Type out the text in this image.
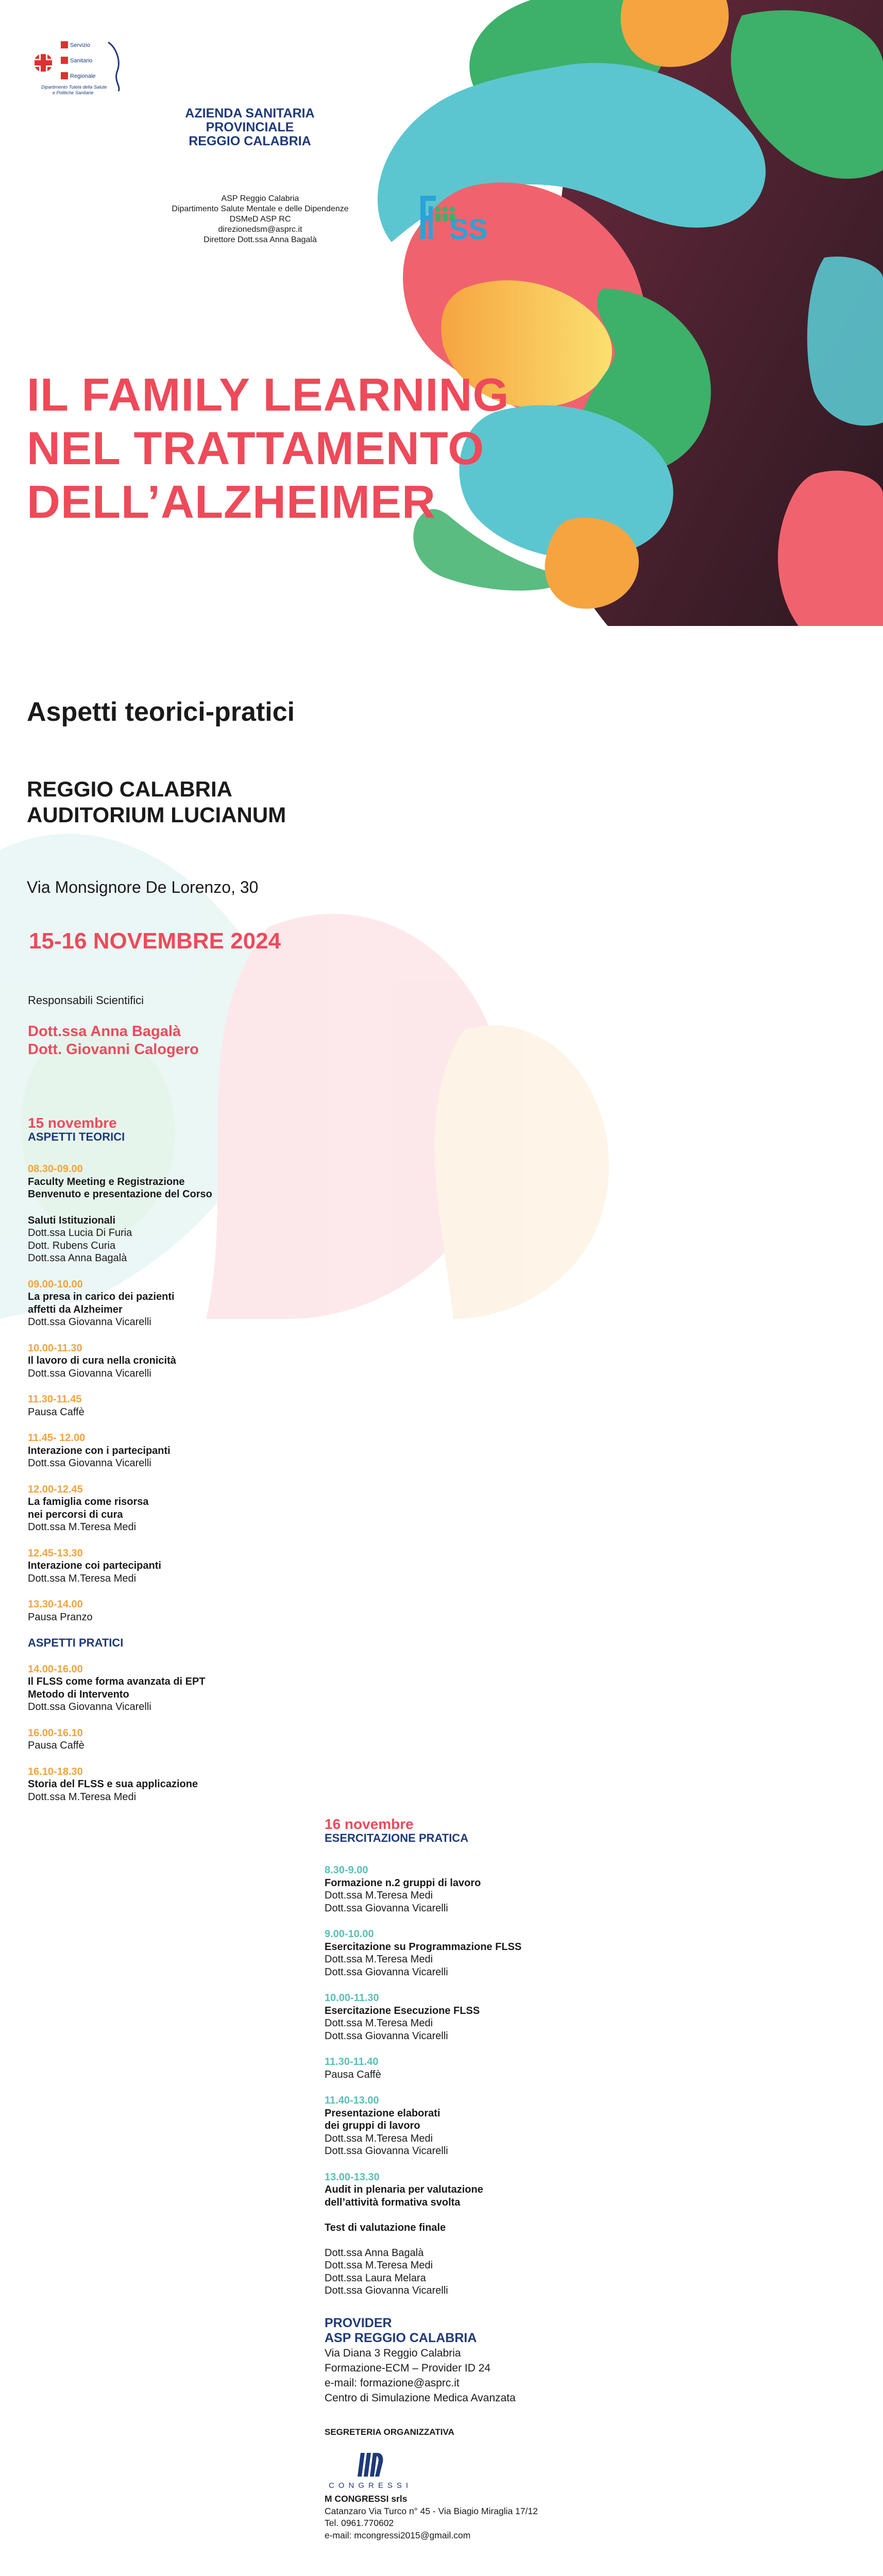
Servizio
Sanitario
Regionale
Dipartimento Tutela della Salute
e Politiche Sanitarie
AZIENDA SANITARIA
PROVINCIALE
REGGIO CALABRIA
ASP Reggio Calabria
Dipartimento Salute Mentale e delle Dipendenze
DSMeD ASP RC
direzionedsm@asprc.it
Direttore Dott.ssa Anna Bagalà	SS
FLSS
IL FAMILY LEARNING
NEL TRATTAMENTO
DELL’ALZHEIMER
Aspetti teorici-pratici
REGGIO CALABRIA
AUDITORIUM LUCIANUM
Via Monsignore De Lorenzo, 30
15-16 NOVEMBRE 2024
Responsabili Scientifici
Dott.ssa Anna Bagalà
Dott. Giovanni Calogero
15 novembre
ASPETTI TEORICI
08.30-09.00
Faculty Meeting e Registrazione
Benvenuto e presentazione del Corso
Saluti Istituzionali
Dott.ssa Lucia Di Furia
Dott. Rubens Curia
Dott.ssa Anna Bagalà
09.00-10.00
La presa in carico dei pazienti
affetti da Alzheimer
Dott.ssa Giovanna Vicarelli
10.00-11.30
Il lavoro di cura nella cronicità
Dott.ssa Giovanna Vicarelli
11.30-11.45
Pausa Caffè
11.45- 12.00
Interazione con i partecipanti
Dott.ssa Giovanna Vicarelli
12.00-12.45
La famiglia come risorsa
nei percorsi di cura
Dott.ssa M.Teresa Medi
12.45-13.30
Interazione coi partecipanti
Dott.ssa M.Teresa Medi
13.30-14.00
Pausa Pranzo
ASPETTI PRATICI
14.00-16.00
Il FLSS come forma avanzata di EPT
Metodo di Intervento
Dott.ssa Giovanna Vicarelli
16.00-16.10
Pausa Caffè
16.10-18.30
Storia del FLSS e sua applicazione
Dott.ssa M.Teresa Medi
16 novembre
ESERCITAZIONE PRATICA
8.30-9.00
Formazione n.2 gruppi di lavoro
Dott.ssa M.Teresa Medi
Dott.ssa Giovanna Vicarelli
9.00-10.00
Esercitazione su Programmazione FLSS
Dott.ssa M.Teresa Medi
Dott.ssa Giovanna Vicarelli
10.00-11.30
Esercitazione Esecuzione FLSS
Dott.ssa M.Teresa Medi
Dott.ssa Giovanna Vicarelli
11.30-11.40
Pausa Caffè
11.40-13.00
Presentazione elaborati
dei gruppi di lavoro
Dott.ssa M.Teresa Medi
Dott.ssa Giovanna Vicarelli
13.00-13.30
Audit in plenaria per valutazione
dell’attività formativa svolta

Test di valutazione finale

Dott.ssa Anna Bagalà
Dott.ssa M.Teresa Medi
Dott.ssa Laura Melara
Dott.ssa Giovanna Vicarelli
PROVIDER
ASP REGGIO CALABRIA
Via Diana 3 Reggio Calabria
Formazione-ECM – Provider ID 24
e-mail: formazione@asprc.it
Centro di Simulazione Medica Avanzata
SEGRETERIA ORGANIZZATIVA
CONGRESSI
M CONGRESSI srls
Catanzaro Via Turco n° 45 - Via Biagio Miraglia 17/12
Tel. 0961.770602
e-mail: mcongressi2015@gmail.com
